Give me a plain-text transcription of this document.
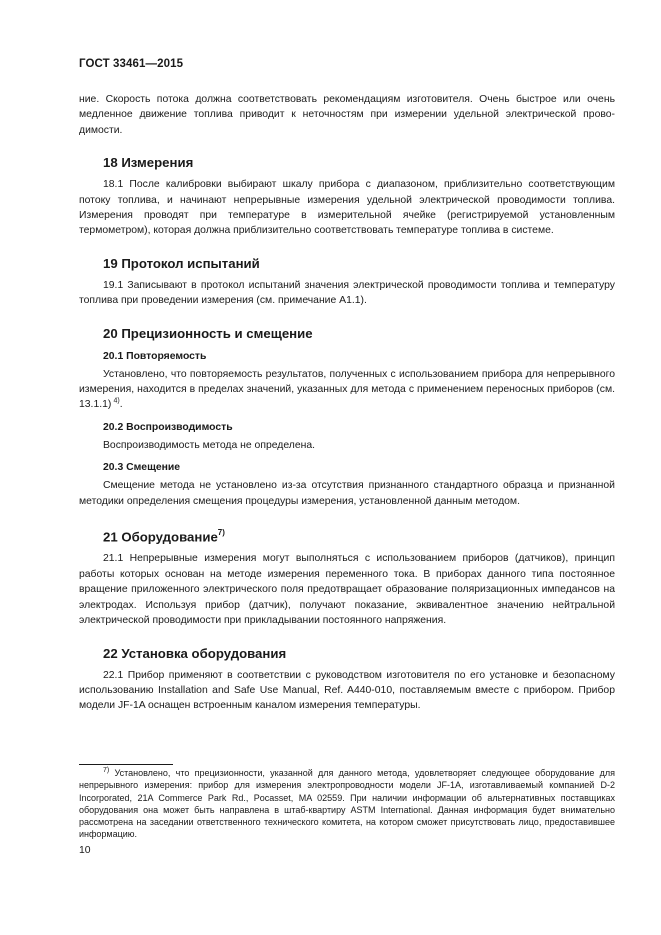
ГОСТ 33461—2015

ние. Скорость потока должна соответствовать рекомендациям изготовителя. Очень быстрое или очень медленное движение топлива приводит к неточностям при измерении удельной электрической проводимости.

18 Измерения

18.1 После калибровки выбирают шкалу прибора с диапазоном, приблизительно соответствующим потоку топлива, и начинают непрерывные измерения удельной электрической проводимости топлива. Измерения проводят при температуре в измерительной ячейке (регистрируемой установленным термометром), которая должна приблизительно соответствовать температуре топлива в системе.

19 Протокол испытаний

19.1 Записывают в протокол испытаний значения электрической проводимости топлива и температуру топлива при проведении измерения (см. примечание А1.1).

20 Прецизионность и смещение
20.1 Повторяемость

Установлено, что повторяемость результатов, полученных с использованием прибора для непрерывного измерения, находится в пределах значений, указанных для метода с применением переносных приборов (см. 13.1.1)  $^{4)}$.

20.2 Воспроизводимость

Воспроизводимость метода не определена.

20.3 Смещение

Смещение метода не установлено из-за отсутствия признанного стандартного образца и признанной методики определения смещения процедуры измерения, установленной данным методом.

21 Оборудование$^{7)}$

21.1 Непрерывные измерения могут выполняться с использованием приборов (датчиков), принцип работы которых основан на методе измерения переменного тока. В приборах данного типа постоянное вращение приложенного электрического поля предотвращает образование поляризационных импедансов на электродах. Используя прибор (датчик), получают показание, эквивалентное значению нейтральной электрической проводимости при прикладывании постоянного напряжения.

22 Установка оборудования

22.1 Прибор применяют в соответствии с руководством изготовителя по его установке и безопасному использованию Installation and Safe Use Manual, Ref. A440-010, поставляемым вместе с прибором. Прибор модели JF-1A оснащен встроенным каналом измерения температуры.

$^{7)}$ Установлено, что прецизионности, указанной для данного метода, удовлетворяет следующее оборудование для непрерывного измерения: прибор для измерения электропроводности модели JF-1A, изготавливаемый компанией D-2 Incorporated, 21A Commerce Park Rd., Pocasset, MA 02559. При наличии информации об альтернативных поставщиках оборудования она может быть направлена в штаб-квартиру ASTM International. Данная информация будет внимательно рассмотрена на заседании ответственного технического комитета, на котором сможет присутствовать лицо, предоставившее информацию.

10
